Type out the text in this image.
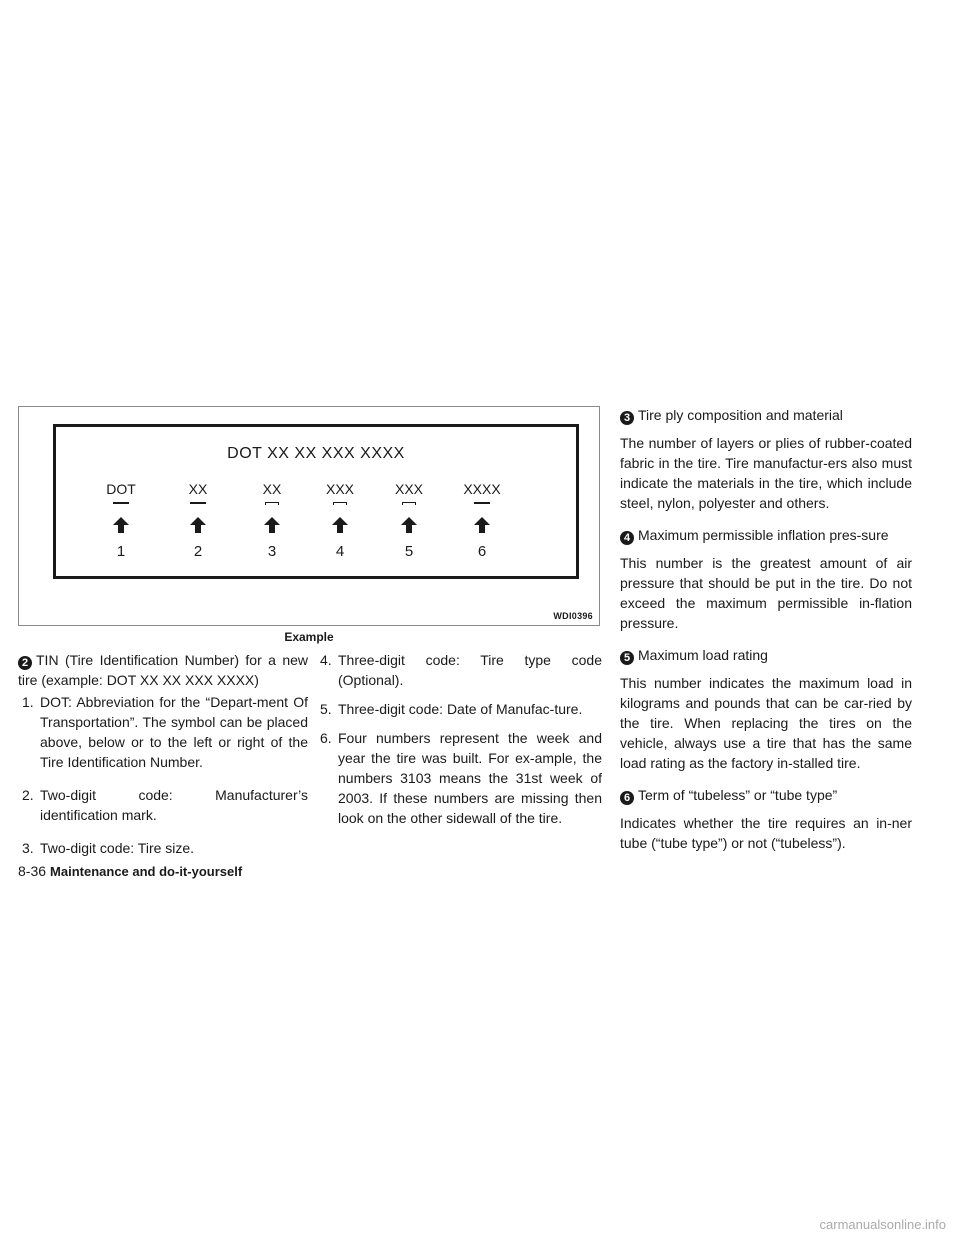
DOT XX XX XXX XXXX
DOT
1
XX
2
XX
3
XXX
4
XXX
5
XXXX
6
WDI0396
Example

2 TIN (Tire Identification Number) for a new tire (example: DOT XX XX XXX XXXX)

1. DOT: Abbreviation for the “Depart-ment Of Transportation”. The symbol can be placed above, below or to the left or right of the Tire Identification Number.
2. Two-digit code: Manufacturer’s identification mark.
3. Two-digit code: Tire size.
4. Three-digit code: Tire type code (Optional).
5. Three-digit code: Date of Manufac-ture.
6. Four numbers represent the week and year the tire was built. For ex-ample, the numbers 3103 means the 31st week of 2003. If these numbers are missing then look on the other sidewall of the tire.

3 Tire ply composition and material

The number of layers or plies of rubber-coated fabric in the tire. Tire manufactur-ers also must indicate the materials in the tire, which include steel, nylon, polyester and others.

4 Maximum permissible inflation pres-sure

This number is the greatest amount of air pressure that should be put in the tire. Do not exceed the maximum permissible in-flation pressure.

5 Maximum load rating

This number indicates the maximum load in kilograms and pounds that can be car-ried by the tire. When replacing the tires on the vehicle, always use a tire that has the same load rating as the factory in-stalled tire.

6 Term of “tubeless” or “tube type”

Indicates whether the tire requires an in-ner tube (“tube type”) or not (“tubeless”).

8-36 Maintenance and do-it-yourself
carmanualsonline.info
